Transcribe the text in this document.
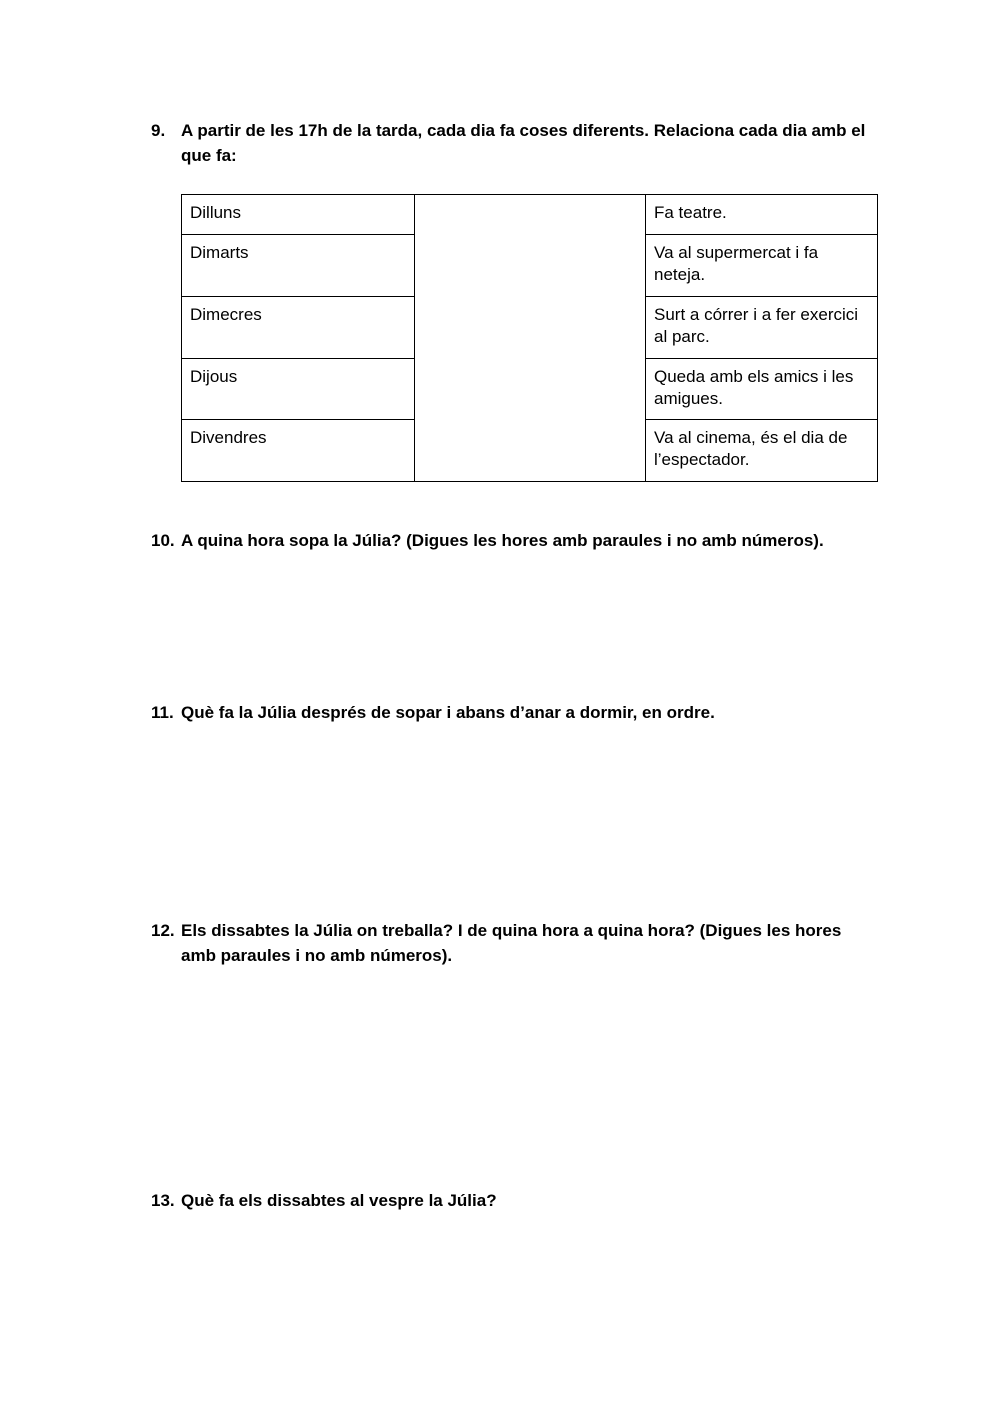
9. A partir de les 17h de la tarda, cada dia fa coses diferents. Relaciona cada dia amb el que fa:
Dilluns		Fa teatre.
Dimarts		Va al supermercat i fa neteja.
Dimecres		Surt a córrer i a fer exercici al parc.
Dijous		Queda amb els amics i les amigues.
Divendres		Va al cinema, és el dia de l’espectador.
10. A quina hora sopa la Júlia? (Digues les hores amb paraules i no amb números).
11. Què fa la Júlia després de sopar i abans d’anar a dormir, en ordre.
12. Els dissabtes la Júlia on treballa? I de quina hora a quina hora? (Digues les hores amb paraules i no amb números).
13. Què fa els dissabtes al vespre la Júlia?
